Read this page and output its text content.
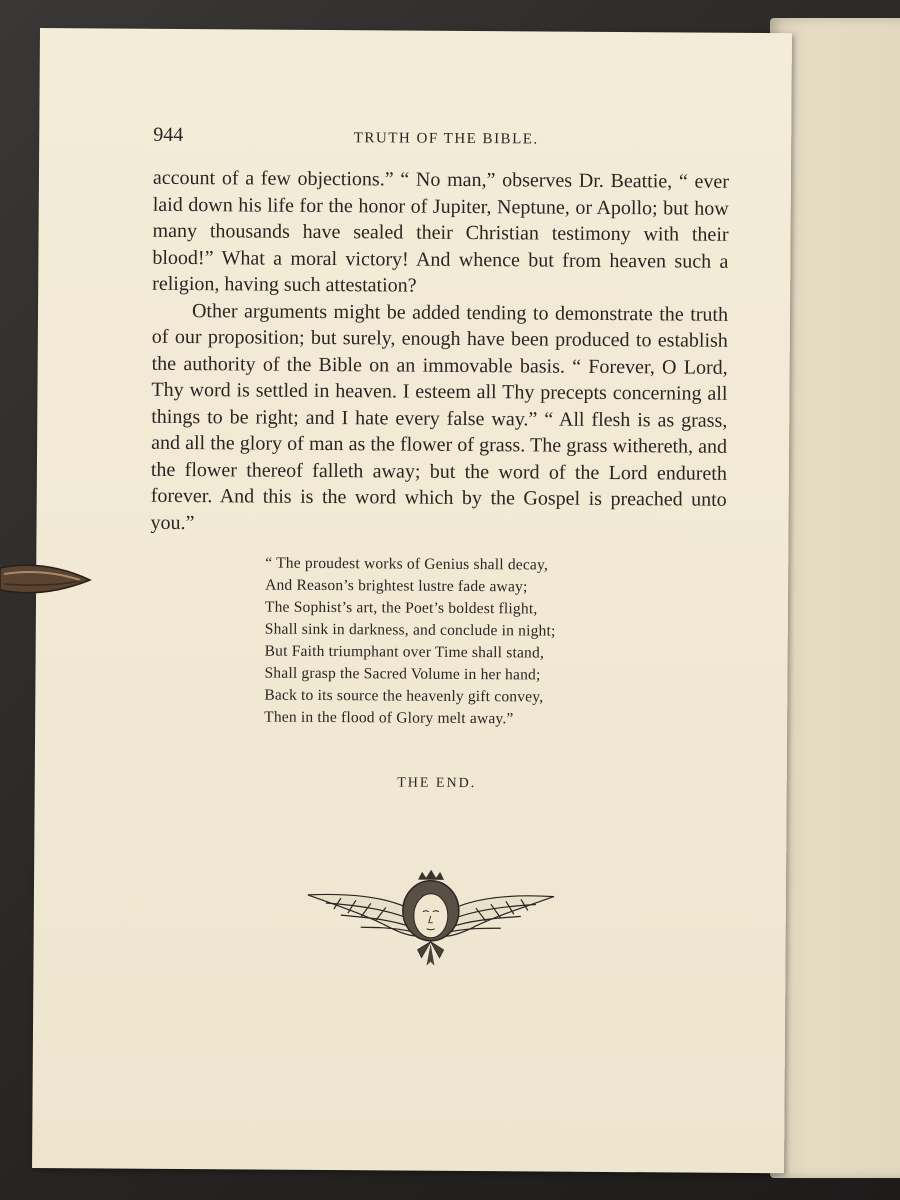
944	TRUTH OF THE BIBLE.

account of a few objections.” “ No man,” observes Dr. Beattie, “ ever laid down his life for the honor of Jupiter, Neptune, or Apollo; but how many thousands have sealed their Christian testimony with their blood!” What a moral victory! And whence but from heaven such a religion, having such attestation?

Other arguments might be added tending to demonstrate the truth of our proposition; but surely, enough have been produced to establish the authority of the Bible on an immovable basis. “ Forever, O Lord, Thy word is settled in heaven. I esteem all Thy precepts concerning all things to be right; and I hate every false way.” “ All flesh is as grass, and all the glory of man as the flower of grass. The grass withereth, and the flower thereof falleth away; but the word of the Lord endureth forever. And this is the word which by the Gospel is preached unto you.”

“ The proudest works of Genius shall decay,
And Reason’s brightest lustre fade away;
The Sophist’s art, the Poet’s boldest flight,
Shall sink in darkness, and conclude in night;
But Faith triumphant over Time shall stand,
Shall grasp the Sacred Volume in her hand;
Back to its source the heavenly gift convey,
Then in the flood of Glory melt away.”
THE END.
